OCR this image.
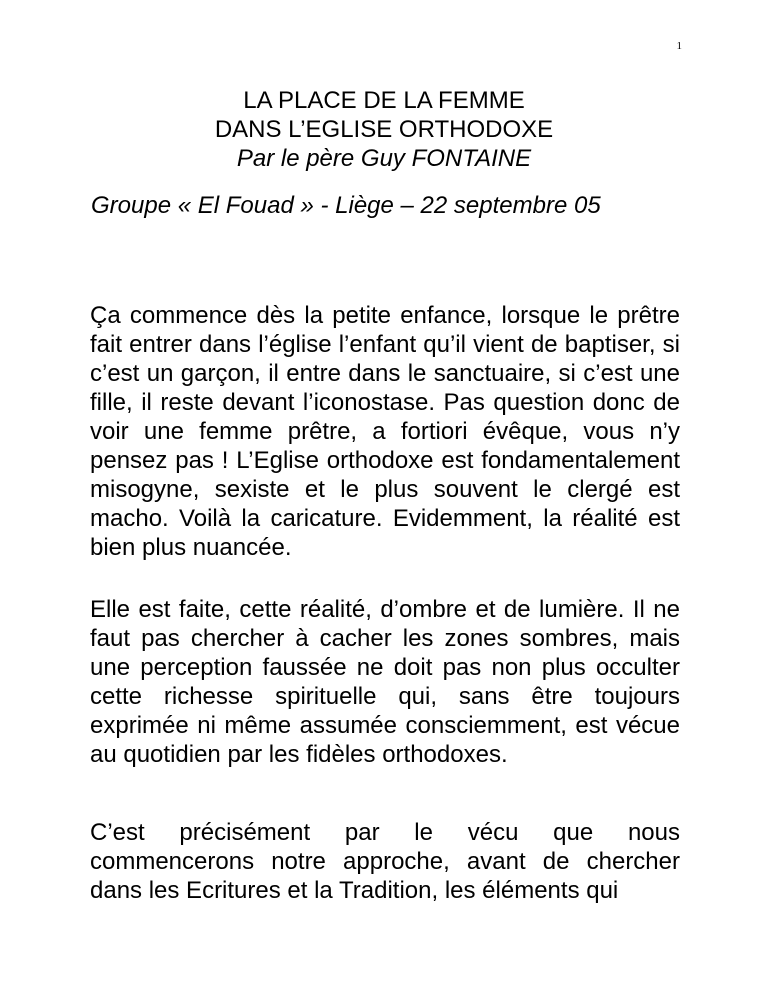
1
LA PLACE DE LA FEMME
DANS L’EGLISE ORTHODOXE
Par le père Guy FONTAINE
Groupe « El Fouad » - Liège – 22 septembre 05

Ça commence dès la petite enfance, lorsque le prêtre fait entrer dans l’église l’enfant qu’il vient de baptiser, si c’est un garçon, il entre dans le sanctuaire, si c’est une fille, il reste devant l’iconostase. Pas question donc de voir une femme prêtre, a fortiori évêque, vous n’y pensez pas ! L’Eglise orthodoxe est fondamentalement misogyne, sexiste et le plus souvent le clergé est macho. Voilà la caricature. Evidemment, la réalité est bien plus nuancée.

Elle est faite, cette réalité, d’ombre et de lumière. Il ne faut pas chercher à cacher les zones sombres, mais une perception faussée ne doit pas non plus occulter cette richesse spirituelle qui, sans être toujours exprimée ni même assumée consciemment, est vécue au quotidien par les fidèles orthodoxes.

C’est précisément par le vécu que nous commencerons notre approche, avant de chercher dans les Ecritures et la Tradition, les éléments qui
